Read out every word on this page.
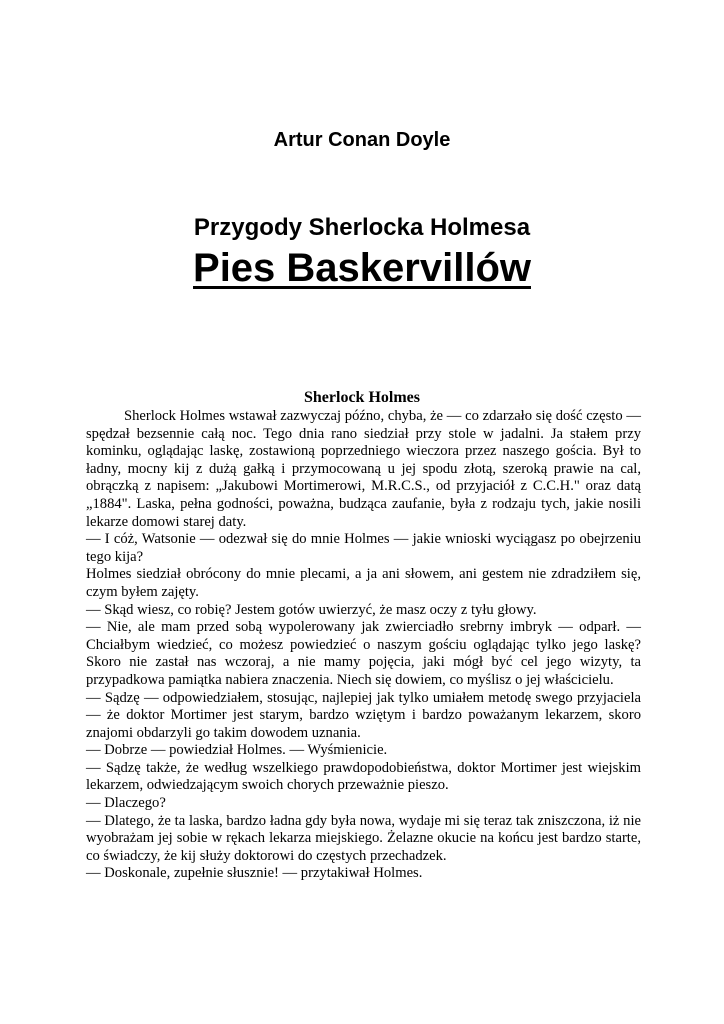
Artur Conan Doyle
Przygody Sherlocka Holmesa
Pies Baskervillów
Sherlock Holmes

Sherlock Holmes wstawał zazwyczaj późno, chyba, że — co zdarzało się dość często — spędzał bezsennie całą noc. Tego dnia rano siedział przy stole w jadalni. Ja stałem przy kominku, oglądając laskę, zostawioną poprzedniego wieczora przez naszego gościa. Był to ładny, mocny kij z dużą gałką i przymocowaną u jej spodu złotą, szeroką prawie na cal, obrączką z napisem: „Jakubowi Mortimerowi, M.R.C.S., od przyjaciół z C.C.H." oraz datą „1884". Laska, pełna godności, poważna, budząca zaufanie, była z rodzaju tych, jakie nosili lekarze domowi starej daty.

— I cóż, Watsonie — odezwał się do mnie Holmes — jakie wnioski wyciągasz po obejrzeniu tego kija?

Holmes siedział obrócony do mnie plecami, a ja ani słowem, ani gestem nie zdradziłem się, czym byłem zajęty.

— Skąd wiesz, co robię? Jestem gotów uwierzyć, że masz oczy z tyłu głowy.

— Nie, ale mam przed sobą wypolerowany jak zwierciadło srebrny imbryk — odparł. — Chciałbym wiedzieć, co możesz powiedzieć o naszym gościu oglądając tylko jego laskę? Skoro nie zastał nas wczoraj, a nie mamy pojęcia, jaki mógł być cel jego wizyty, ta przypadkowa pamiątka nabiera znaczenia. Niech się dowiem, co myślisz o jej właścicielu.

— Sądzę — odpowiedziałem, stosując, najlepiej jak tylko umiałem metodę swego przyjaciela — że doktor Mortimer jest starym, bardzo wziętym i bardzo poważanym lekarzem, skoro znajomi obdarzyli go takim dowodem uznania.

— Dobrze — powiedział Holmes. — Wyśmienicie.

— Sądzę także, że według wszelkiego prawdopodobieństwa, doktor Mortimer jest wiejskim lekarzem, odwiedzającym swoich chorych przeważnie pieszo.

— Dlaczego?

— Dlatego, że ta laska, bardzo ładna gdy była nowa, wydaje mi się teraz tak zniszczona, iż nie wyobrażam jej sobie w rękach lekarza miejskiego. Żelazne okucie na końcu jest bardzo starte, co świadczy, że kij służy doktorowi do częstych przechadzek.

— Doskonale, zupełnie słusznie! — przytakiwał Holmes.
